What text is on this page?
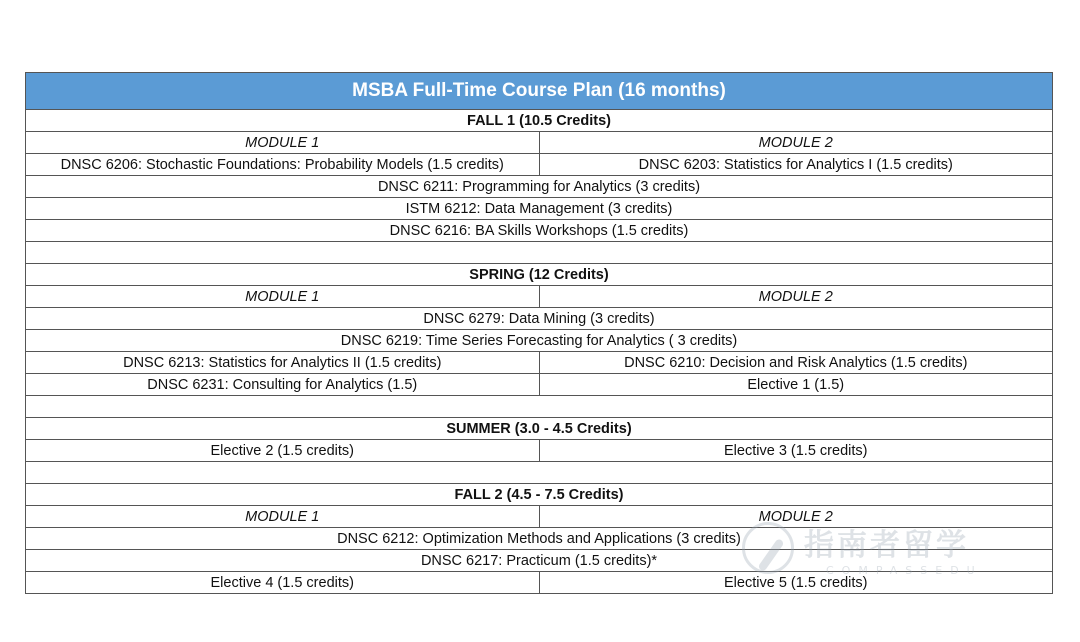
MSBA Full-Time Course Plan (16 months)	
FALL 1 (10.5 Credits)	
MODULE 1	MODULE 2
DNSC 6206: Stochastic Foundations: Probability Models (1.5 credits)	DNSC 6203: Statistics for Analytics I (1.5 credits)
DNSC 6211: Programming for Analytics (3 credits)	
ISTM 6212: Data Management (3 credits)	
DNSC 6216: BA Skills Workshops (1.5 credits)	

SPRING (12 Credits)	
MODULE 1	MODULE 2
DNSC 6279: Data Mining (3 credits)	
DNSC 6219: Time Series Forecasting for Analytics ( 3 credits)	
DNSC 6213: Statistics for Analytics II (1.5 credits)	DNSC 6210: Decision and Risk Analytics (1.5 credits)
DNSC 6231: Consulting for Analytics (1.5)	Elective 1 (1.5)

SUMMER (3.0 - 4.5 Credits)	
Elective 2 (1.5 credits)	Elective 3 (1.5 credits)

FALL 2 (4.5 - 7.5 Credits)	
MODULE 1	MODULE 2
DNSC 6212: Optimization Methods and Applications (3 credits)	
DNSC 6217: Practicum (1.5 credits)*	
Elective 4 (1.5 credits)	Elective 5 (1.5 credits)
指南者留学
COMPASSEDU
